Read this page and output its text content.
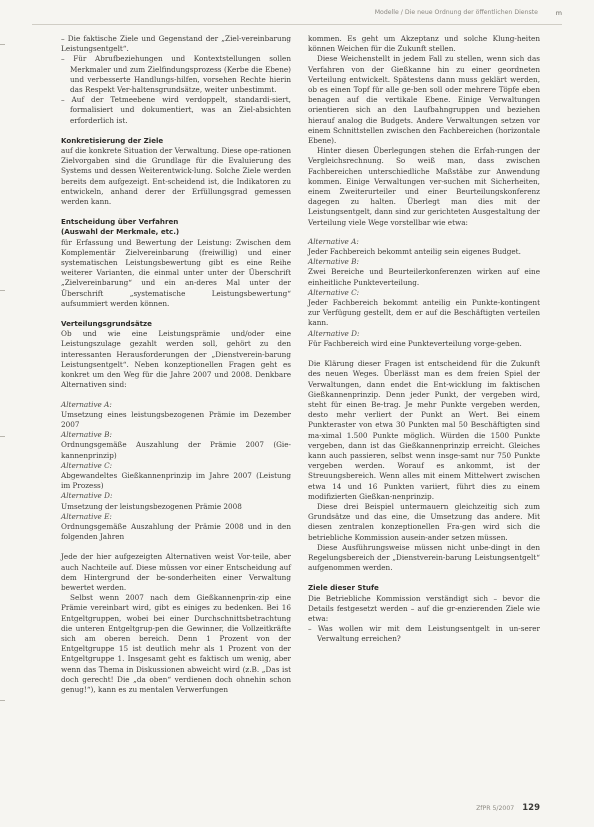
Modelle / Die neue Ordnung der öffentlichen Dienste	m

– Die faktische Ziele und Gegenstand der „Ziel-vereinbarung Leistungsentgelt“.

– Für Abrufbeziehungen und Kontextstellungen sollen Merkmaler und zum Zielfindungsprozess (Kerbe die Ebene) und verbesserte Handlungs-hilfen, vorsehen Rechte hierin das Respekt Ver-haltensgrundsätze, weiter unbestimmt.
– Auf der Tetmeebene wird verdoppelt, standardi-siert, formalisiert und dokumentiert, was an Ziel-absichten erforderlich ist.
Konkretisierung der Ziele

auf die konkrete Situation der Verwaltung. Diese ope-rationen Zielvorgaben sind die Grundlage für die Evaluierung des Systems und dessen Weiterentwick-lung. Solche Ziele werden bereits dem aufgezeigt. Ent-scheidend ist, die Indikatoren zu entwickeln, anhand derer der Erfüllungsgrad gemessen werden kann.

Entscheidung über Verfahren
(Auswahl der Merkmale, etc.)

für Erfassung und Bewertung der Leistung: Zwischen dem Komplementär Zielvereinbarung (freiwillig) und einer systematischen Leistungsbewertung gibt es eine Reihe weiterer Varianten, die einmal unter unter der Überschrift „Zielvereinbarung“ und ein an-deres Mal unter der Überschrift „systematische Leistungsbewertung“ aufsummiert werden können.

Verteilungsgrundsätze

Ob und wie eine Leistungsprämie und/oder eine Leistungszulage gezahlt werden soll, gehört zu den interessanten Herausforderungen der „Dienstverein-barung Leistungsentgelt“. Neben konzeptionellen Fragen geht es konkret um den Weg für die Jahre 2007 und 2008. Denkbare Alternativen sind:

Alternative A:
Umsetzung eines leistungsbezogenen Prämie im Dezember 2007
Alternative B:
Ordnungsgemäße Auszahlung der Prämie 2007 (Gie-kannenprinzip)
Alternative C:
Abgewandeltes Gießkannenprinzip im Jahre 2007 (Leistung im Prozess)
Alternative D:
Umsetzung der leistungsbezogenen Prämie 2008
Alternative E:
Ordnungsgemäße Auszahlung der Prämie 2008 und in den folgenden Jahren

Jede der hier aufgezeigten Alternativen weist Vor-teile, aber auch Nachteile auf. Diese müssen vor einer Entscheidung auf dem Hintergrund der be-sonderheiten einer Verwaltung bewertet werden.

Selbst wenn 2007 nach dem Gießkannenprin-zip eine Prämie vereinbart wird, gibt es einiges zu bedenken. Bei 16 Entgeltgruppen, wobei bei einer Durchschnittsbetrachtung die unteren Entgeltgrup-pen die Gewinner, die Vollzeitkräfte sich am oberen bereich. Denn 1 Prozent von der Entgeltgruppe 15 ist deutlich mehr als 1 Prozent von der Entgeltgruppe 1. Insgesamt geht es faktisch um wenig, aber wenn das Thema in Diskussionen abweicht wird (z.B. „Das ist doch gerecht! Die „da oben“ verdienen doch ohnehin schon genug!“), kann es zu mentalen Verwerfungen

kommen. Es geht um Akzeptanz und solche Klung-heiten können Weichen für die Zukunft stellen.

Diese Weichenstellt in jedem Fall zu stellen, wenn sich das Verfahren von der Gießkanne hin zu einer geordneten Verteilung entwickelt. Spätestens dann muss geklärt werden, ob es einen Topf für alle ge-ben soll oder mehrere Töpfe eben benagen auf die vertikale Ebene. Einige Verwaltungen orientieren sich an den Laufbahngruppen und beziehen hierauf analog die Budgets. Andere Verwaltungen setzen vor einem Schnittstellen zwischen den Fachbereichen (horizontale Ebene).

Hinter diesen Überlegungen stehen die Erfah-rungen der Vergleichsrechnung. So weiß man, dass zwischen Fachbereichen unterschiedliche Maßstäbe zur Anwendung kommen. Einige Verwaltungen ver-suchen mit Sicherheiten, einem Zweiterurteiler und einer Beurteilungskonferenz dagegen zu halten. Überlegt man dies mit der Leistungsentgelt, dann sind zur gerichteten Ausgestaltung der Verteilung viele Wege vorstellbar wie etwa:

Alternative A:
Jeder Fachbereich bekommt anteilig sein eigenes Budget.
Alternative B:
Zwei Bereiche und Beurteilerkonferenzen wirken auf eine einheitliche Punkteverteilung.
Alternative C:
Jeder Fachbereich bekommt anteilig ein Punkte-kontingent zur Verfügung gestellt, dem er auf die Beschäftigten verteilen kann.
Alternative D:
Für Fachbereich wird eine Punkteverteilung vorge-geben.

Die Klärung dieser Fragen ist entscheidend für die Zukunft des neuen Weges. Überlässt man es dem freien Spiel der Verwaltungen, dann endet die Ent-wicklung im faktischen Gießkannenprinzip. Denn jeder Punkt, der vergeben wird, steht für einen Be-trag. Je mehr Punkte vergeben werden, desto mehr verliert der Punkt an Wert. Bei einem Punkteraster von etwa 30 Punkten mal 50 Beschäftigten sind ma-ximal 1.500 Punkte möglich. Würden die 1500 Punkte vergeben, dann ist das Gießkannenprinzip erreicht. Gleiches kann auch passieren, selbst wenn insge-samt nur 750 Punkte vergeben werden. Worauf es ankommt, ist der Streuungsbereich. Wenn alles mit einem Mittelwert zwischen etwa 14 und 16 Punkten variiert, führt dies zu einem modifizierten Gießkan-nenprinzip.

Diese drei Beispiel untermauern gleichzeitig sich zum Grundsätze und das eine, die Umsetzung das andere. Mit diesen zentralen konzeptionellen Fra-gen wird sich die betriebliche Kommission ausein-ander setzen müssen.

Diese Ausführungsweise müssen nicht unbe-dingt in den Regelungsbereich der „Dienstverein-barung Leistungsentgelt“ aufgenommen werden.

Ziele dieser Stufe

Die Betriebliche Kommission verständigt sich – bevor die Details festgesetzt werden – auf die gr-enzierenden Ziele wie etwa:

– Was wollen wir mit dem Leistungsentgelt in un-serer Verwaltung erreichen?
ZfPR 5/2007 129
